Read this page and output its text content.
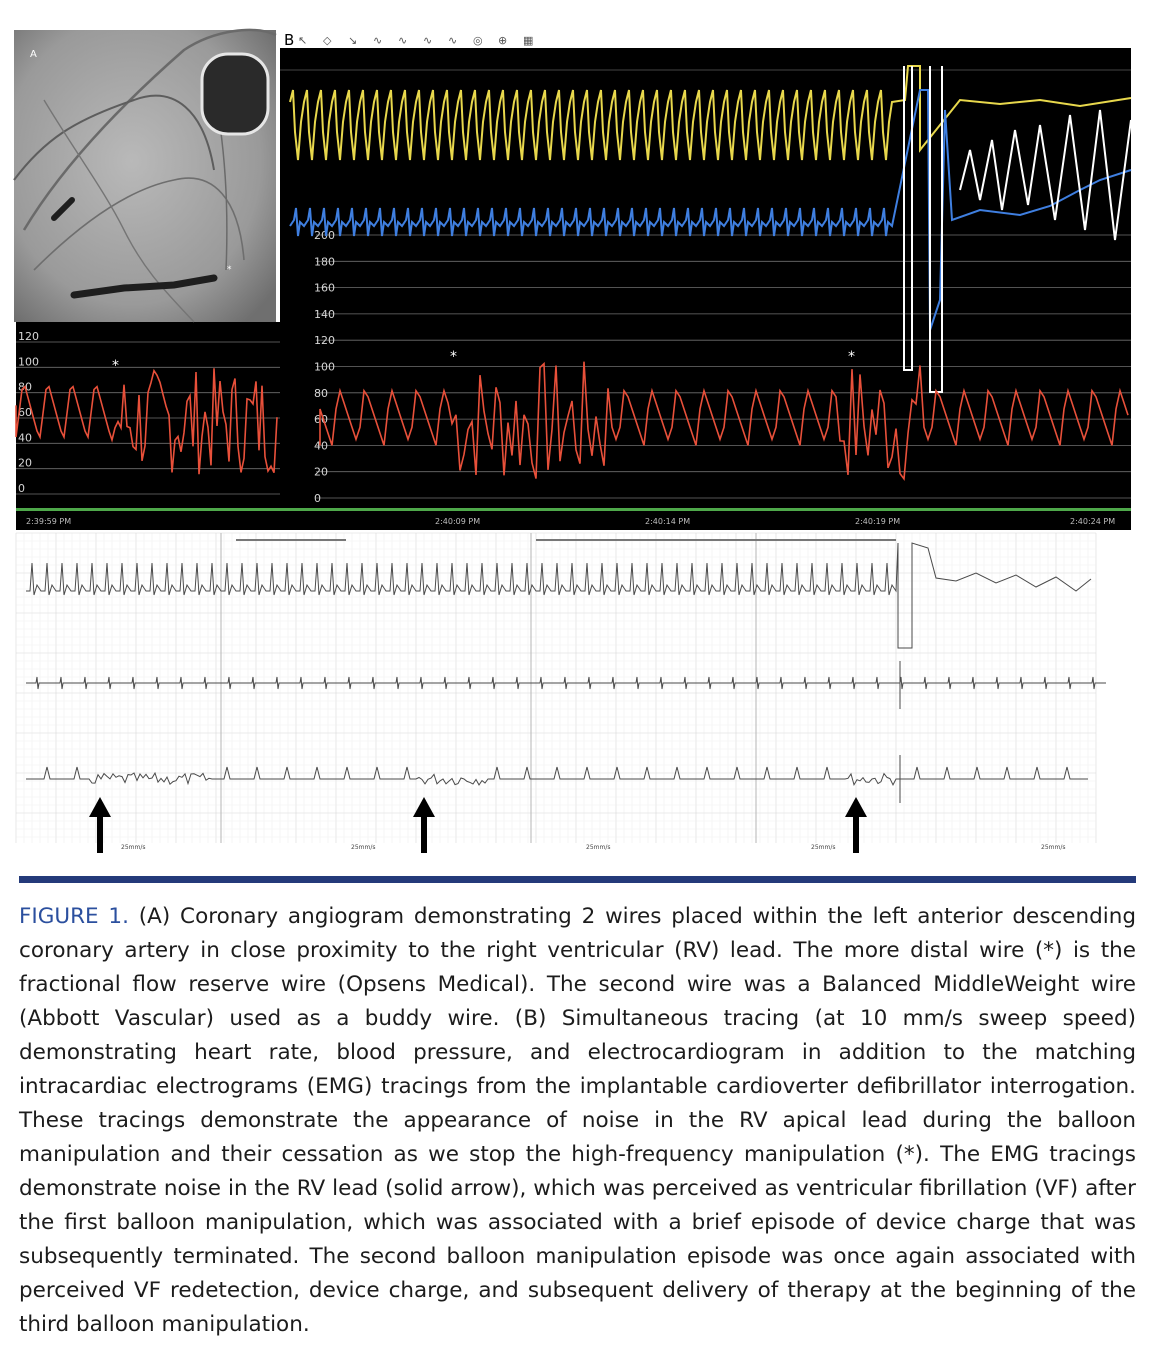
B ↖ ◇ ↘ ∿ ∿ ∿ ∿ ◎ ⊕ ▦
200
180
160
140
120
100
80
60
40
20
0
*	*
2:40:09 PM	2:40:14 PM	2:40:19 PM	2:40:24 PM
120
100
80
60
40
20
0
*
2:39:59 PM
A
*
25mm/s	25mm/s	25mm/s	25mm/s	25mm/s

FIGURE 1. (A) Coronary angiogram demonstrating 2 wires placed within the left anterior descending coronary artery in close proximity to the right ventricular (RV) lead. The more distal wire (*) is the fractional flow reserve wire (Opsens Medical). The second wire was a Balanced MiddleWeight wire (Abbott Vascular) used as a buddy wire. (B) Simultaneous tracing (at 10 mm/s sweep speed) demonstrating heart rate, blood pressure, and electrocardiogram in addition to the matching intracardiac electrograms (EMG) tracings from the implantable cardioverter defibrillator interrogation. These tracings demonstrate the appearance of noise in the RV apical lead during the balloon manipulation and their cessation as we stop the high-frequency manipulation (*). The EMG tracings demonstrate noise in the RV lead (solid arrow), which was perceived as ventricular fibrillation (VF) after the first balloon manipulation, which was associated with a brief episode of device charge that was subsequently terminated. The second balloon manipulation episode was once again associated with perceived VF redetection, device charge, and subsequent delivery of therapy at the beginning of the third balloon manipulation.
